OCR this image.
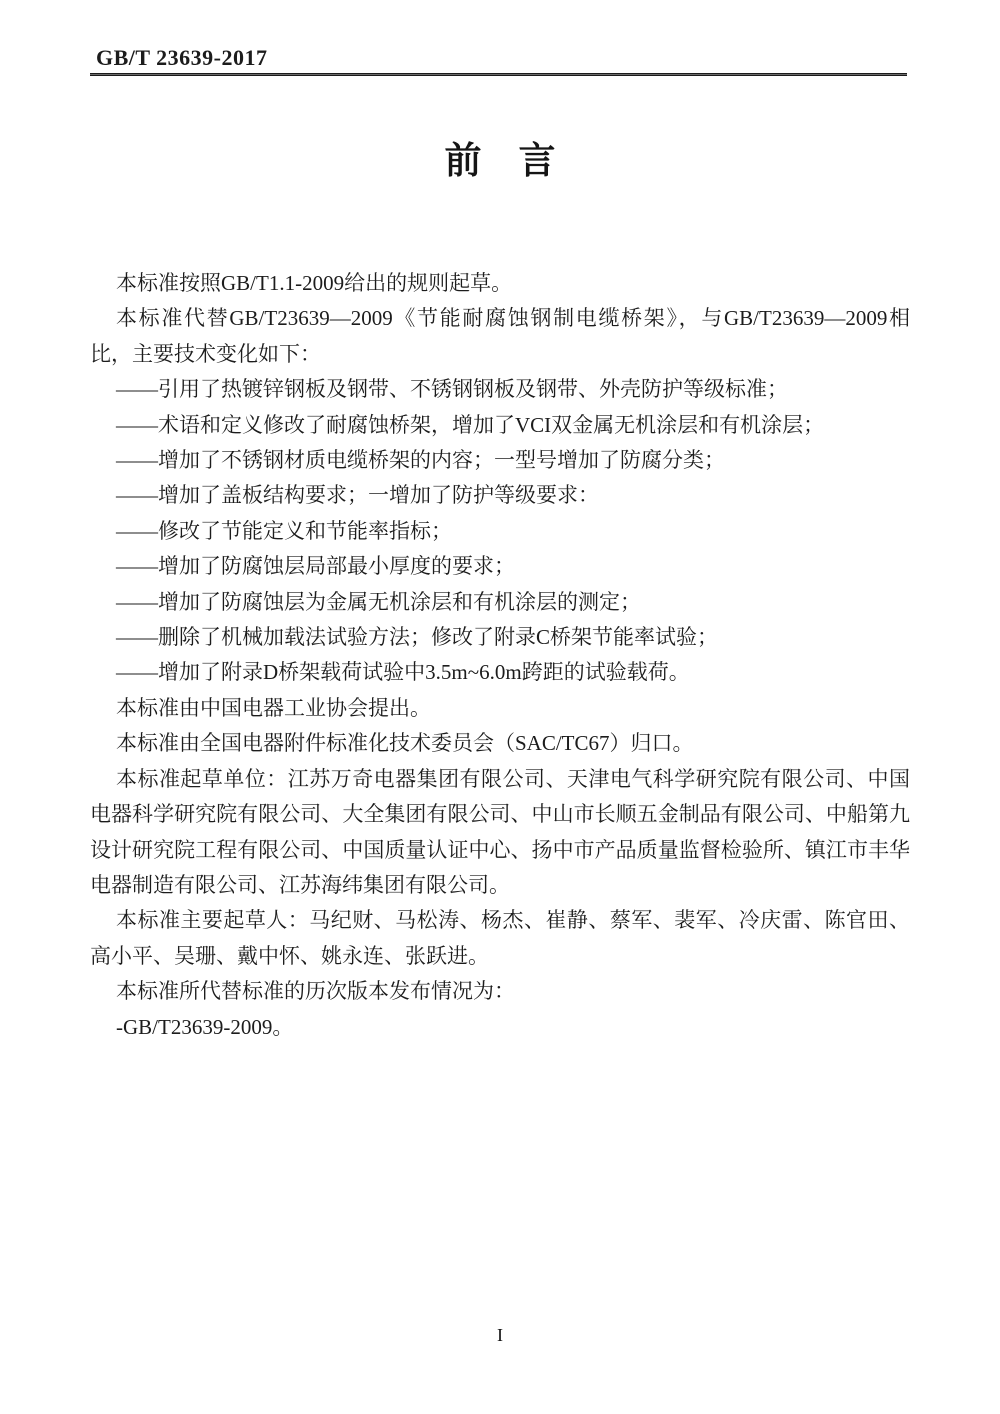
GB/T 23639-2017
前　言

本标准按照GB/T1.1-2009给出的规则起草。

本标准代替GB/T23639—2009《节能耐腐蚀钢制电缆桥架》，与GB/T23639—2009相比，主要技术变化如下：

——引用了热镀锌钢板及钢带、不锈钢钢板及钢带、外壳防护等级标准；

——术语和定义修改了耐腐蚀桥架，增加了VCI双金属无机涂层和有机涂层；

——增加了不锈钢材质电缆桥架的内容；一型号增加了防腐分类；

——增加了盖板结构要求；一增加了防护等级要求：

——修改了节能定义和节能率指标；

——增加了防腐蚀层局部最小厚度的要求；

——增加了防腐蚀层为金属无机涂层和有机涂层的测定；

——删除了机械加载法试验方法；修改了附录C桥架节能率试验；

——增加了附录D桥架载荷试验中3.5m~6.0m跨距的试验载荷。

本标准由中国电器工业协会提出。

本标准由全国电器附件标准化技术委员会（SAC/TC67）归口。

本标准起草单位：江苏万奇电器集团有限公司、天津电气科学研究院有限公司、中国电器科学研究院有限公司、大全集团有限公司、中山市长顺五金制品有限公司、中船第九设计研究院工程有限公司、中国质量认证中心、扬中市产品质量监督检验所、镇江市丰华电器制造有限公司、江苏海纬集团有限公司。

本标准主要起草人：马纪财、马松涛、杨杰、崔静、蔡军、裴军、冷庆雷、陈官田、高小平、吴珊、戴中怀、姚永连、张跃进。

本标准所代替标准的历次版本发布情况为：

-GB/T23639-2009。

I
